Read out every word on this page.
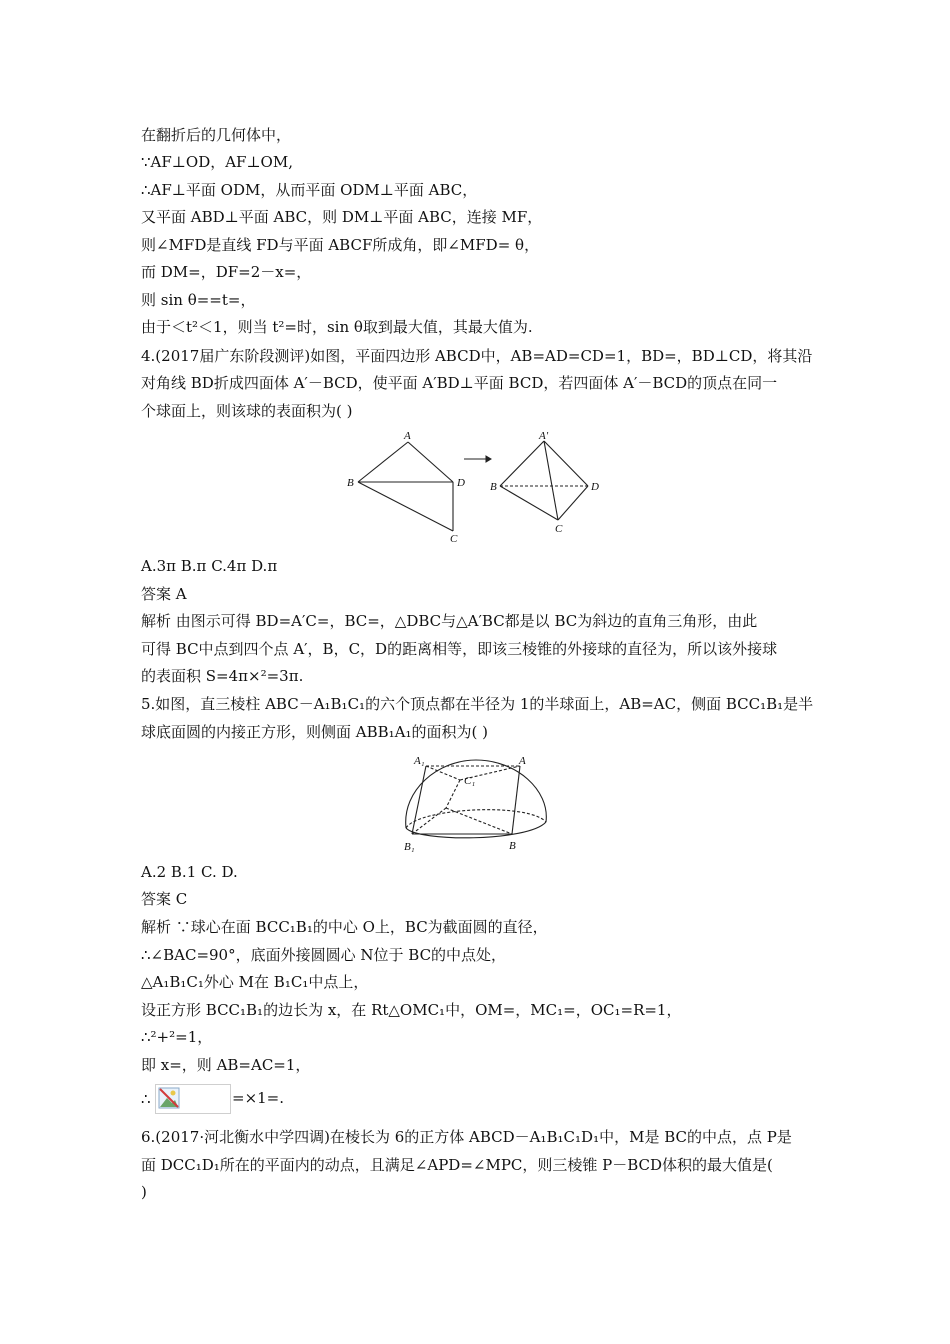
在翻折后的几何体中，
∵AF⊥OD，AF⊥OM,
∴AF⊥平面 ODM，从而平面 ODM⊥平面 ABC，
又平面 ABD⊥平面 ABC，则 DM⊥平面 ABC，连接 MF，
则∠MFD是直线 FD与平面 ABCF所成角，即∠MFD= θ，
而 DM=，DF=2－x=，
则 sin θ==t=，
由于＜t²＜1，则当 t²=时，sin θ取到最大值，其最大值为.
4.(2017届广东阶段测评)如图，平面四边形 ABCD中，AB=AD=CD=1，BD=，BD⊥CD，将其沿
对角线 BD折成四面体 A′－BCD，使平面 A′BD⊥平面 BCD，若四面体 A′－BCD的顶点在同一
个球面上，则该球的表面积为( )
A.3π B.π C.4π D.π
答案 A
解析 由图示可得 BD=A′C=，BC=，△DBC与△A′BC都是以 BC为斜边的直角三角形，由此
可得 BC中点到四个点 A′，B，C，D的距离相等，即该三棱锥的外接球的直径为，所以该外接球
的表面积 S=4π×²=3π.
5.如图，直三棱柱 ABC－A₁B₁C₁的六个顶点都在半径为 1的半球面上，AB=AC，侧面 BCC₁B₁是半
球底面圆的内接正方形，则侧面 ABB₁A₁的面积为( )
A.2 B.1 C. D.
答案 C
解析 ∵球心在面 BCC₁B₁的中心 O上，BC为截面圆的直径，
∴∠BAC=90°，底面外接圆圆心 N位于 BC的中点处，
△A₁B₁C₁外心 M在 B₁C₁中点上，
设正方形 BCC₁B₁的边长为 x，在 Rt△OMC₁中，OM=，MC₁=，OC₁=R=1，
∴²+²=1，
即 x=，则 AB=AC=1，
∴
6.(2017·河北衡水中学四调)在棱长为 6的正方体 ABCD－A₁B₁C₁D₁中，M是 BC的中点，点 P是
面 DCC₁D₁所在的平面内的动点，且满足∠APD=∠MPC，则三棱锥 P－BCD体积的最大值是(
)
=×1=.
A
B	D
C
A′
B	D
C
A₁	A
C₁
B₁	B
